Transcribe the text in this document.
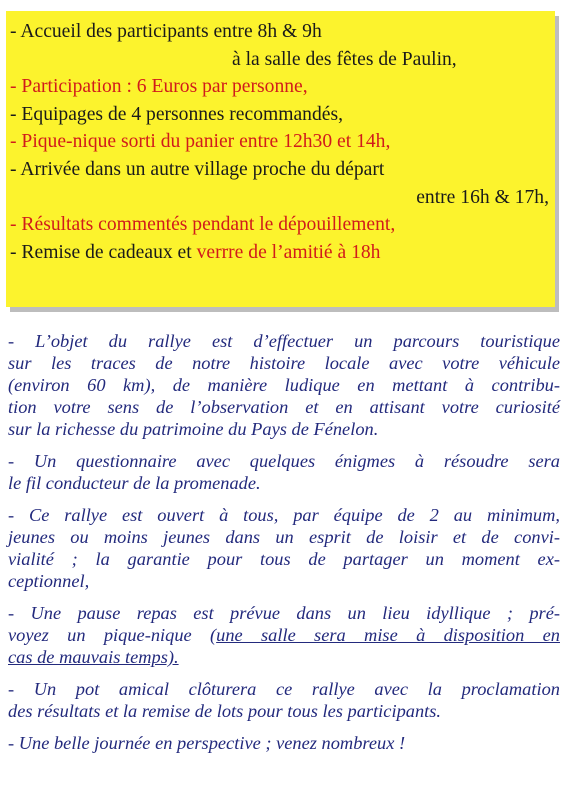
- Accueil des participants entre 8h & 9h
à la salle des fêtes de Paulin,
- Participation : 6 Euros par personne,
- Equipages de 4 personnes recommandés,
- Pique-nique sorti du panier entre 12h30 et 14h,
- Arrivée dans un autre village proche du départ
entre 16h & 17h,
- Résultats commentés pendant le dépouillement,
- Remise de cadeaux et verrre de l’amitié à 18h
- L’objet du rallye est d’effectuer un parcours touristique
sur les traces de notre histoire locale avec votre véhicule
(environ 60 km), de manière ludique en mettant à contribu-
tion votre sens de l’observation et en attisant votre curiosité
sur la richesse du patrimoine du Pays de Fénelon.
- Un questionnaire avec quelques énigmes à résoudre sera
le fil conducteur de la promenade.
- Ce rallye est ouvert à tous, par équipe de 2 au minimum,
jeunes ou moins jeunes dans un esprit de loisir et de convi-
vialité ; la garantie pour tous de partager un moment ex-
ceptionnel,
- Une pause repas est prévue dans un lieu idyllique ; pré-
voyez un pique-nique (une salle sera mise à disposition en
cas de mauvais temps).
- Un pot amical clôturera ce rallye avec la proclamation
des résultats et la remise de lots pour tous les participants.
- Une belle journée en perspective ; venez nombreux !
